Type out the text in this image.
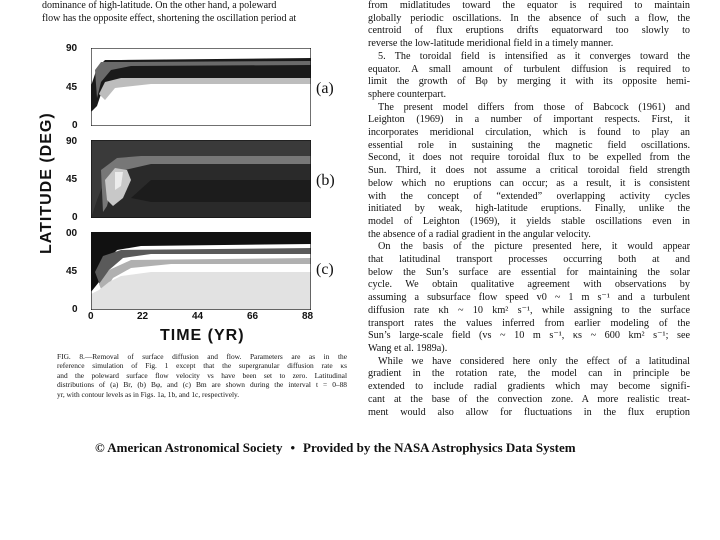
dominance of high-latitude. On the other hand, a poleward
flow has the opposite effect, shortening the oscillation period at
LATITUDE (DEG)
90
45
0
90
45
0
00
45
0
(a)
(b)
(c)
0	22	44	66	88
TIME (YR)
FIG. 8.—Removal of surface diffusion and flow. Parameters are as in the
reference simulation of Fig. 1 except that the supergranular diffusion rate κs
and the poleward surface flow velocity vs have been set to zero. Latitudinal
distributions of (a) Br, (b) Bφ, and (c) Bm are shown during the interval t = 0–88
yr, with contour levels as in Figs. 1a, 1b, and 1c, respectively.
from midlatitudes toward the equator is required to maintain
globally periodic oscillations. In the absence of such a flow, the
centroid of flux eruptions drifts equatorward too slowly to
reverse the low-latitude meridional field in a timely manner.
5. The toroidal field is intensified as it converges toward the
equator. A small amount of turbulent diffusion is required to
limit the growth of Bφ by merging it with its opposite hemi-
sphere counterpart.
The present model differs from those of Babcock (1961) and
Leighton (1969) in a number of important respects. First, it
incorporates meridional circulation, which is found to play an
essential role in sustaining the magnetic field oscillations.
Second, it does not require toroidal flux to be expelled from the
Sun. Third, it does not assume a critical toroidal field strength
below which no eruptions can occur; as a result, it is consistent
with the concept of “extended” overlapping activity cycles
initiated by weak, high-latitude eruptions. Finally, unlike the
model of Leighton (1969), it yields stable oscillations even in
the absence of a radial gradient in the angular velocity.
On the basis of the picture presented here, it would appear
that latitudinal transport processes occurring both at and
below the Sun’s surface are essential for maintaining the solar
cycle. We obtain qualitative agreement with observations by
assuming a subsurface flow speed v0 ~ 1 m s⁻¹ and a turbulent
diffusion rate κh ~ 10 km² s⁻¹, while assigning to the surface
transport rates the values inferred from earlier modeling of the
Sun’s large-scale field (vs ~ 10 m s⁻¹, κs ~ 600 km² s⁻¹; see
Wang et al. 1989a).
While we have considered here only the effect of a latitudinal
gradient in the rotation rate, the model can in principle be
extended to include radial gradients which may become signifi-
cant at the base of the convection zone. A more realistic treat-
ment would also allow for fluctuations in the flux eruption
© American Astronomical Society • Provided by the NASA Astrophysics Data System
